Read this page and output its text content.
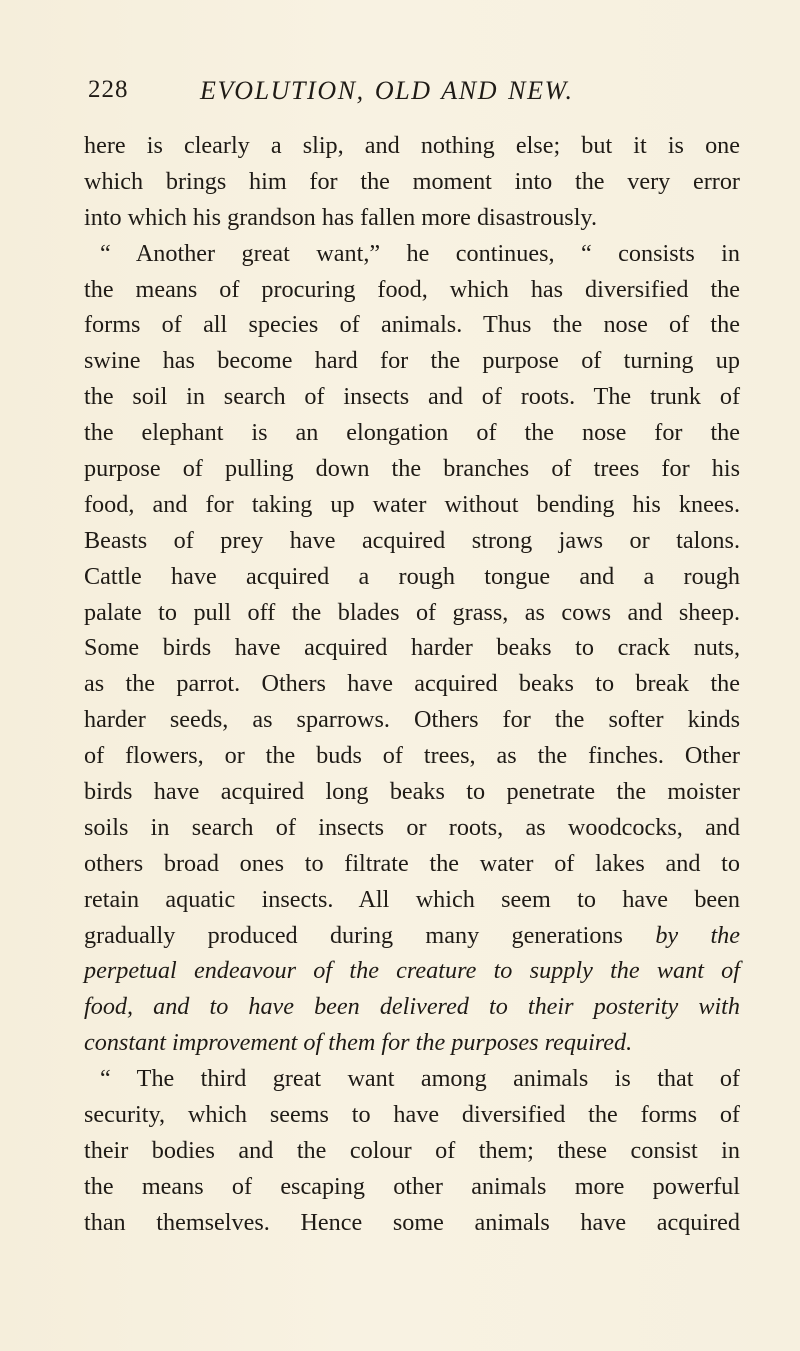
228	EVOLUTION, OLD AND NEW.
here is clearly a slip, and nothing else; but it is one
which brings him for the moment into the very error
into which his grandson has fallen more disastrously.
“ Another great want,” he continues, “ consists in
the means of procuring food, which has diversified the
forms of all species of animals. Thus the nose of the
swine has become hard for the purpose of turning up
the soil in search of insects and of roots. The trunk of
the elephant is an elongation of the nose for the
purpose of pulling down the branches of trees for his
food, and for taking up water without bending his knees.
Beasts of prey have acquired strong jaws or talons.
Cattle have acquired a rough tongue and a rough
palate to pull off the blades of grass, as cows and sheep.
Some birds have acquired harder beaks to crack nuts,
as the parrot. Others have acquired beaks to break the
harder seeds, as sparrows. Others for the softer kinds
of flowers, or the buds of trees, as the finches. Other
birds have acquired long beaks to penetrate the moister
soils in search of insects or roots, as woodcocks, and
others broad ones to filtrate the water of lakes and to
retain aquatic insects. All which seem to have been
gradually produced during many generations by the
perpetual endeavour of the creature to supply the want of
food, and to have been delivered to their posterity with
constant improvement of them for the purposes required.
“ The third great want among animals is that of
security, which seems to have diversified the forms of
their bodies and the colour of them; these consist in
the means of escaping other animals more powerful
than themselves. Hence some animals have acquired
